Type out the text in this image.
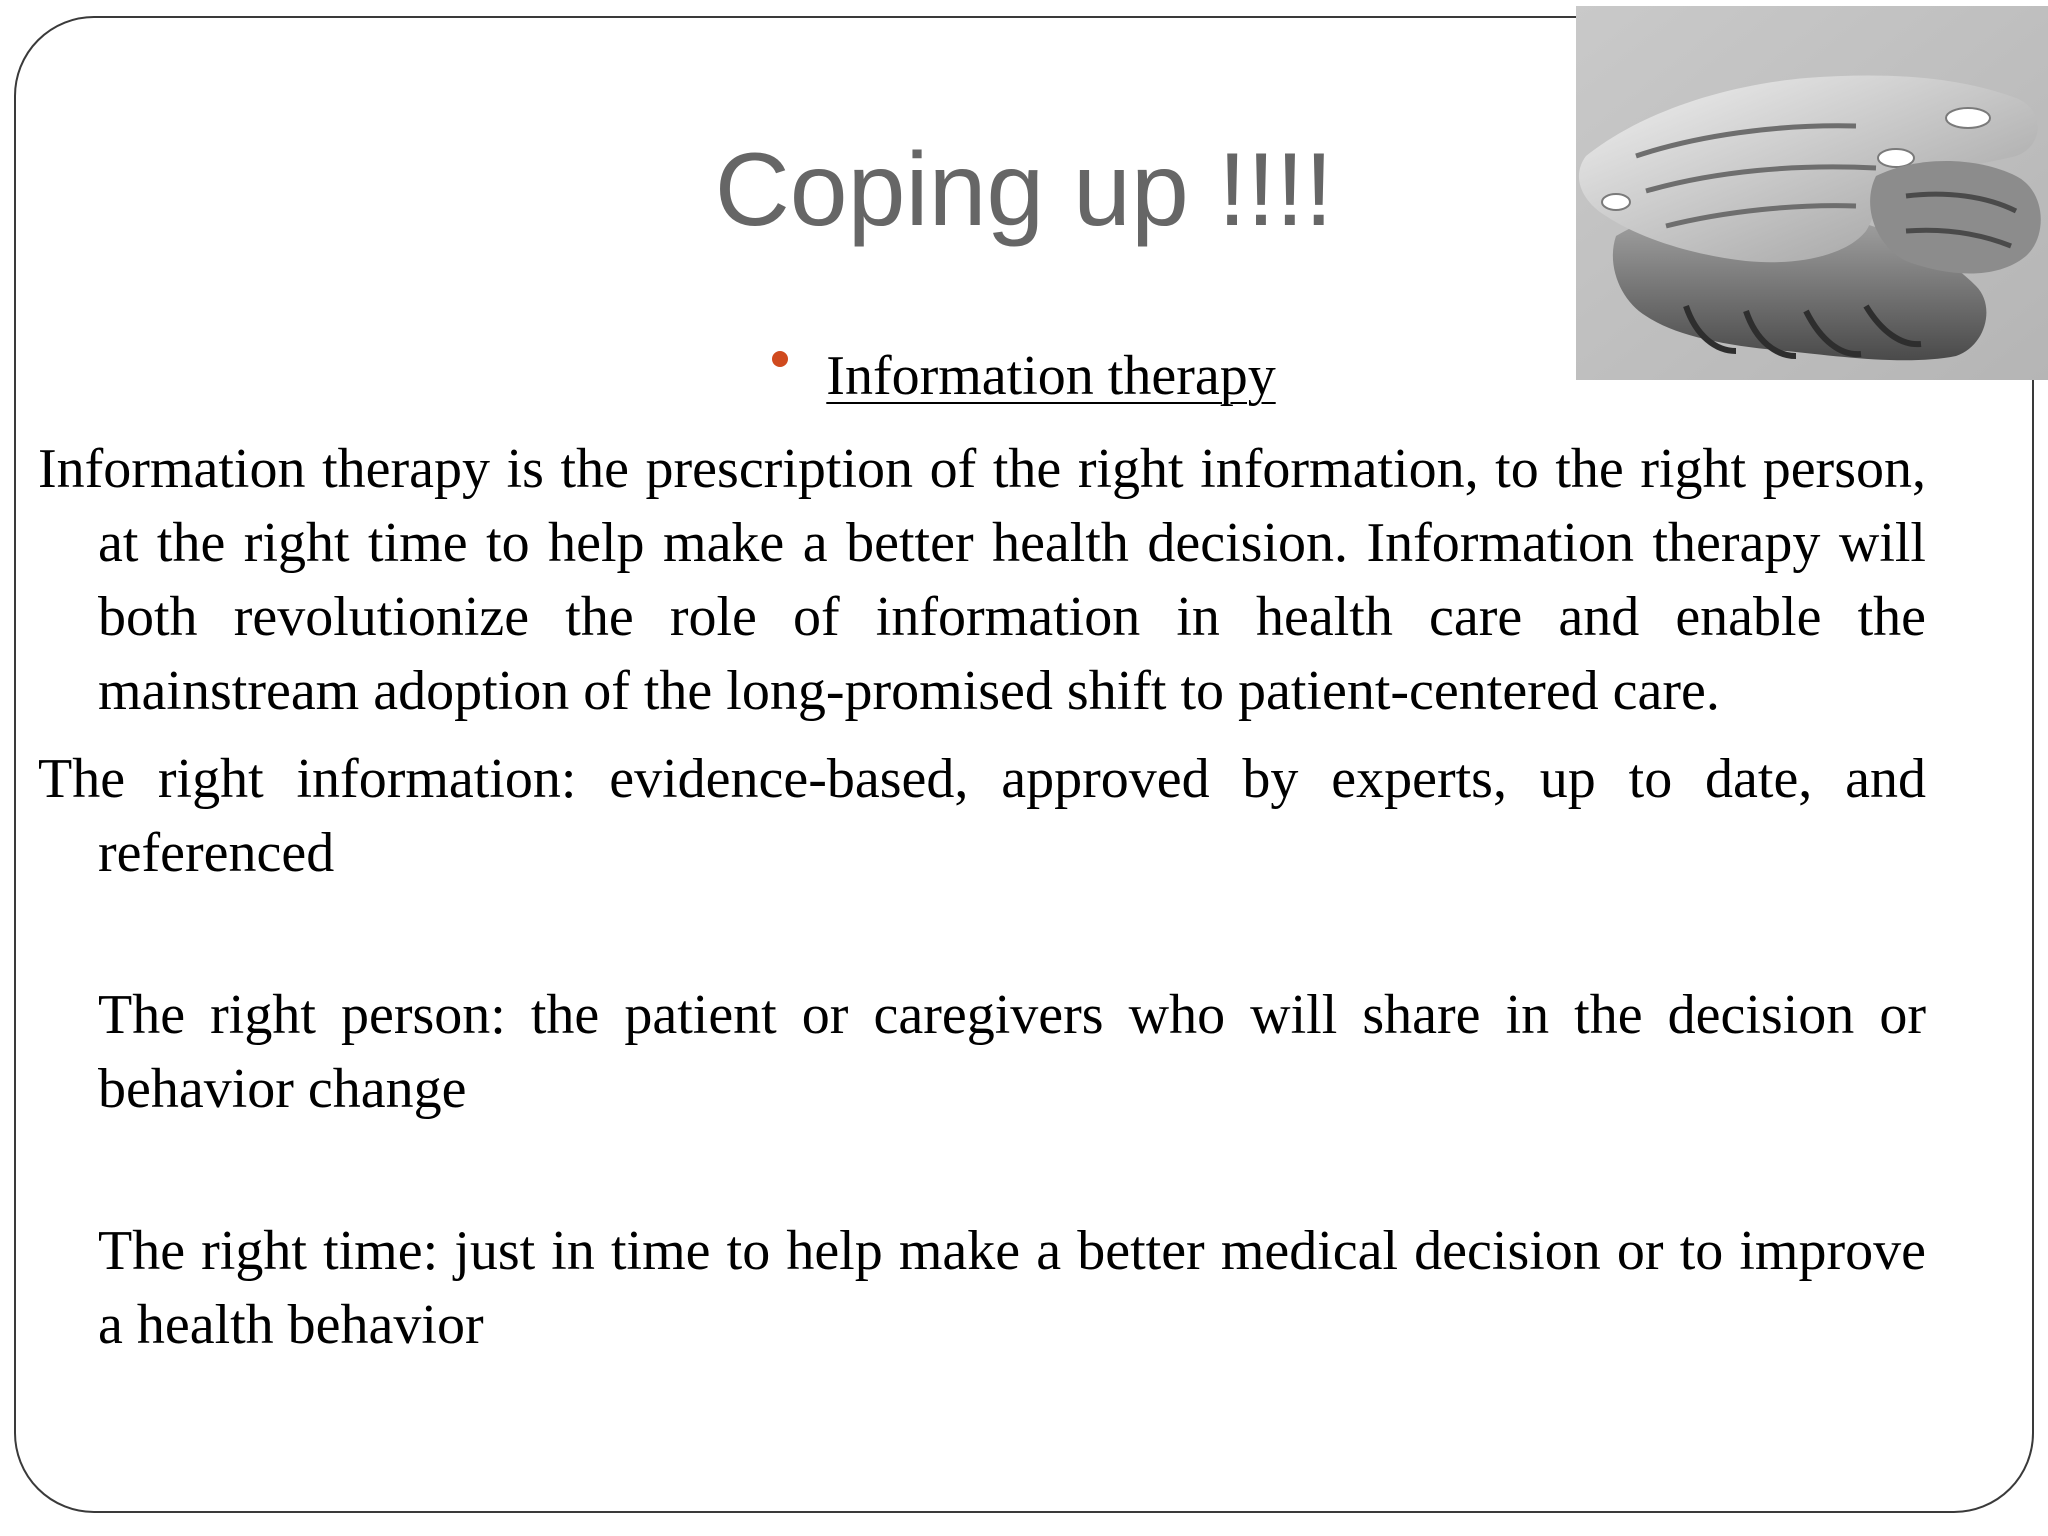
Coping up !!!!
Information therapy

Information therapy is the prescription of the right information, to the right person, at the right time to help make a better health decision. Information therapy will both revolutionize the role of information in health care and enable the mainstream adoption of the long-promised shift to patient-centered care.

The right information: evidence-based, approved by experts, up to date, and referenced

The right person: the patient or caregivers who will share in the decision or behavior change

The right time: just in time to help make a better medical decision or to improve a health behavior
